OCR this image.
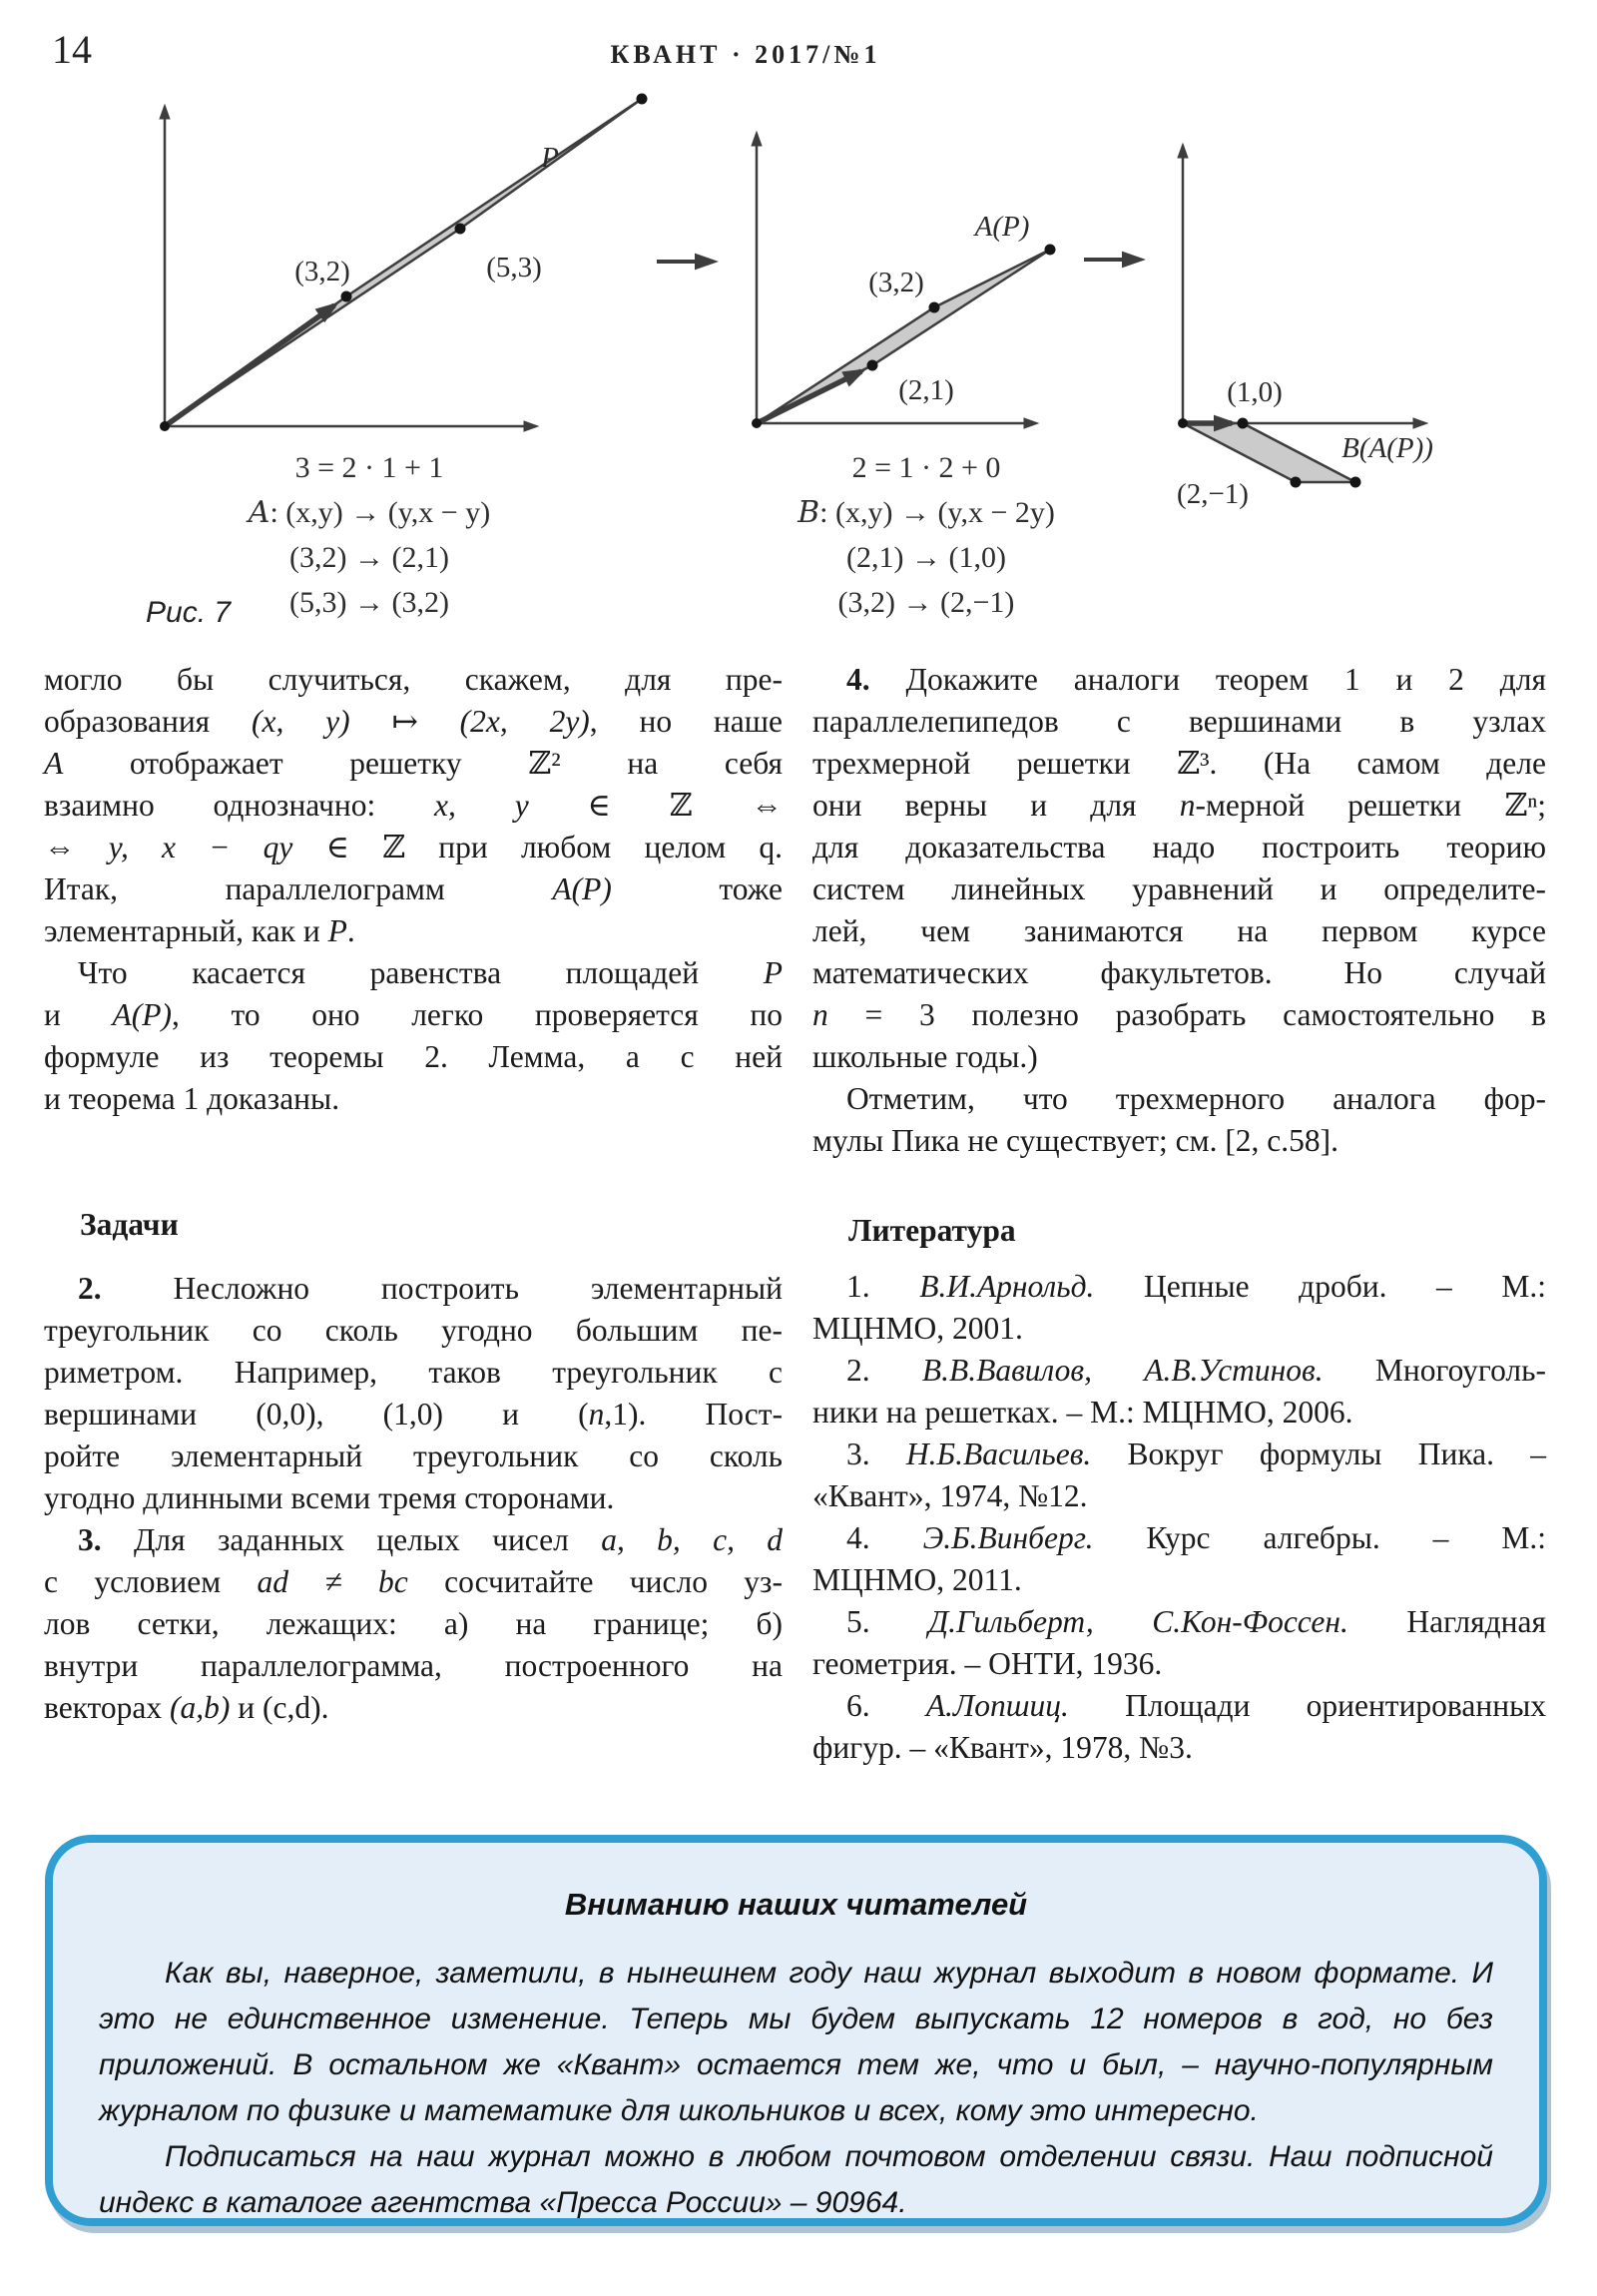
14	КВАНТ · 2017/№1
(3,2)	(5,3)
P
(3,2)
(2,1)
A(P)
(1,0)
(2,−1)
B(A(P))
3 = 2 · 1 + 1
A: (x,y) → (y,x − y)
(3,2) → (2,1)
(5,3) → (3,2)
2 = 1 · 2 + 0
B: (x,y) → (y,x − 2y)
(2,1) → (1,0)
(3,2) → (2,−1)
Рис. 7
могло бы случиться, скажем, для пре-
образования (x, y) ↦ (2x, 2y), но наше
A отображает решетку ℤ² на себя
взаимно однозначно: x, y ∈ ℤ ⇔
⇔ y, x − qy ∈ ℤ при любом целом q.
Итак, параллелограмм A(P) тоже
элементарный, как и P.
Что касается равенства площадей P
и A(P), то оно легко проверяется по
формуле из теоремы 2. Лемма, а с ней
и теорема 1 доказаны.
Задачи
2. Несложно построить элементарный
треугольник со сколь угодно большим пе-
риметром. Например, таков треугольник с
вершинами (0,0), (1,0) и (n,1). Пост-
ройте элементарный треугольник со сколь
угодно длинными всеми тремя сторонами.
3. Для заданных целых чисел a, b, c, d
с условием ad ≠ bc сосчитайте число уз-
лов сетки, лежащих: а) на границе; б)
внутри параллелограмма, построенного на
векторах (a,b) и (c,d).
4. Докажите аналоги теорем 1 и 2 для
параллелепипедов с вершинами в узлах
трехмерной решетки ℤ³. (На самом деле
они верны и для n-мерной решетки ℤⁿ;
для доказательства надо построить теорию
систем линейных уравнений и определите-
лей, чем занимаются на первом курсе
математических факультетов. Но случай
n = 3 полезно разобрать самостоятельно в
школьные годы.)
Отметим, что трехмерного аналога фор-
мулы Пика не существует; см. [2, с.58].
Литература
1. В.И.Арнольд. Цепные дроби. – М.:
МЦНМО, 2001.
2. В.В.Вавилов, А.В.Устинов. Многоуголь-
ники на решетках. – М.: МЦНМО, 2006.
3. Н.Б.Васильев. Вокруг формулы Пика. –
«Квант», 1974, №12.
4. Э.Б.Винберг. Курс алгебры. – М.:
МЦНМО, 2011.
5. Д.Гильберт, С.Кон-Фоссен. Наглядная
геометрия. – ОНТИ, 1936.
6. А.Лопшиц. Площади ориентированных
фигур. – «Квант», 1978, №3.
Вниманию наших читателей

Как вы, наверное, заметили, в нынешнем году наш журнал выходит в новом формате. И это не единственное изменение. Теперь мы будем выпускать 12 номеров в год, но без приложений. В остальном же «Квант» остается тем же, что и был, – научно-популярным журналом по физике и математике для школьников и всех, кому это интересно.

Подписаться на наш журнал можно в любом почтовом отделении связи. Наш подписной индекс в каталоге агентства «Пресса России» – 90964.
